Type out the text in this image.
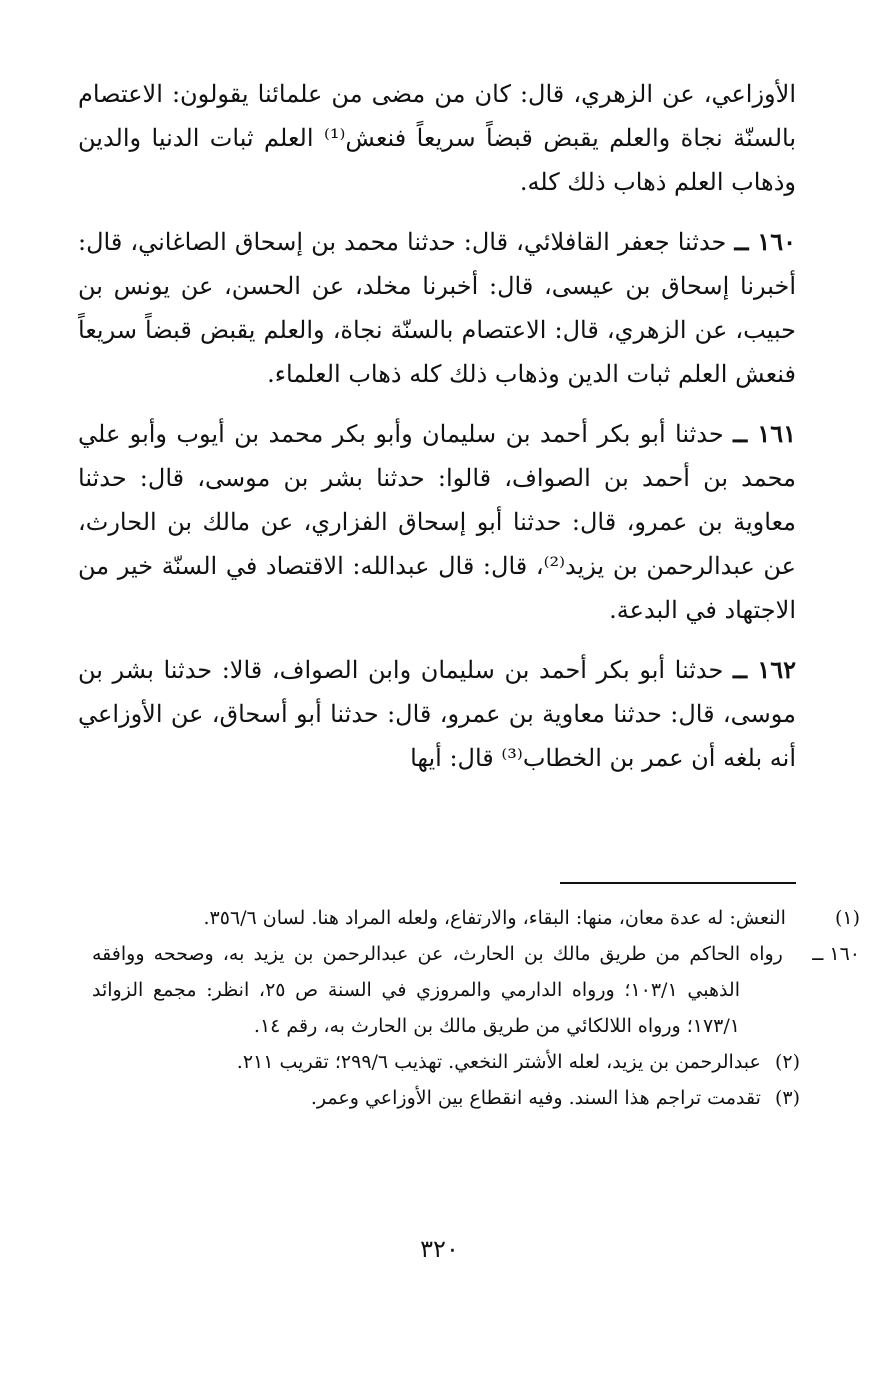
الأوزاعي، عن الزهري، قال: كان من مضى من علمائنا يقولون: الاعتصام بالسنّة نجاة والعلم يقبض قبضاً سريعاً فنعش⁽¹⁾ العلم ثبات الدنيا والدين وذهاب العلم ذهاب ذلك كله.

١٦٠ ــ حدثنا جعفر القافلائي، قال: حدثنا محمد بن إسحاق الصاغاني، قال: أخبرنا إسحاق بن عيسى، قال: أخبرنا مخلد، عن الحسن، عن يونس بن حبيب، عن الزهري، قال: الاعتصام بالسنّة نجاة، والعلم يقبض قبضاً سريعاً فنعش العلم ثبات الدين وذهاب ذلك كله ذهاب العلماء.

١٦١ ــ حدثنا أبو بكر أحمد بن سليمان وأبو بكر محمد بن أيوب وأبو علي محمد بن أحمد بن الصواف، قالوا: حدثنا بشر بن موسى، قال: حدثنا معاوية بن عمرو، قال: حدثنا أبو إسحاق الفزاري، عن مالك بن الحارث، عن عبدالرحمن بن يزيد⁽²⁾، قال: قال عبدالله: الاقتصاد في السنّة خير من الاجتهاد في البدعة.

١٦٢ ــ حدثنا أبو بكر أحمد بن سليمان وابن الصواف، قالا: حدثنا بشر بن موسى، قال: حدثنا معاوية بن عمرو، قال: حدثنا أبو أسحاق، عن الأوزاعي أنه بلغه أن عمر بن الخطاب⁽³⁾ قال: أيها

(١) النعش: له عدة معان، منها: البقاء، والارتفاع، ولعله المراد هنا. لسان ٣٥٦/٦.

١٦٠ ــ رواه الحاكم من طريق مالك بن الحارث، عن عبدالرحمن بن يزيد به، وصححه ووافقه الذهبي ١٠٣/١؛ ورواه الدارمي والمروزي في السنة ص ٢٥، انظر: مجمع الزوائد ١٧٣/١؛ ورواه اللالكائي من طريق مالك بن الحارث به، رقم ١٤.

(٢) عبدالرحمن بن يزيد، لعله الأشتر النخعي. تهذيب ٢٩٩/٦؛ تقريب ٢١١.

(٣) تقدمت تراجم هذا السند. وفيه انقطاع بين الأوزاعي وعمر.

٣٢٠
